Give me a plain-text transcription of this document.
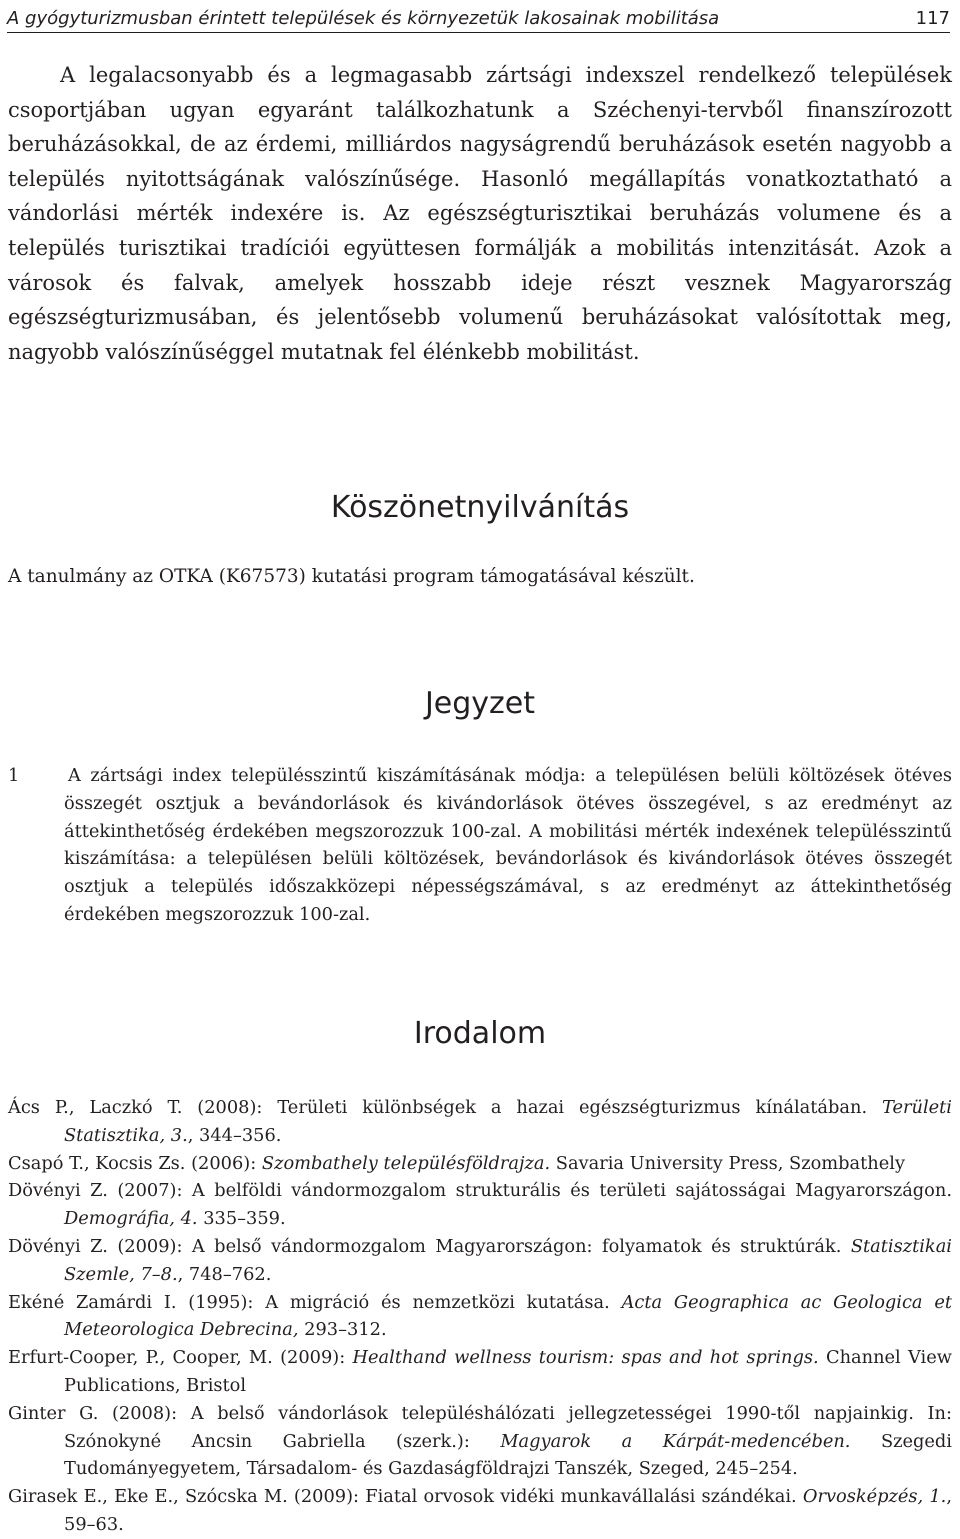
A gyógyturizmusban érintett települések és környezetük lakosainak mobilitása	117

A legalacsonyabb és a legmagasabb zártsági indexszel rendelkező települések csoportjában ugyan egyaránt találkozhatunk a Széchenyi-tervből finanszírozott beruházásokkal, de az érdemi, milliárdos nagyságrendű beruházások esetén nagyobb a település nyitottságának valószínűsége. Hasonló megállapítás vonatkoztatható a vándorlási mérték indexére is. Az egészségturisztikai beruházás volumene és a település turisztikai tradíciói együttesen formálják a mobilitás intenzitását. Azok a városok és falvak, amelyek hosszabb ideje részt vesznek Magyarország egészségturizmusában, és jelentősebb volumenű beruházásokat valósítottak meg, nagyobb valószínűséggel mutatnak fel élénkebb mobilitást.

Köszönetnyilvánítás
A tanulmány az OTKA (K67573) kutatási program támogatásával készült.
Jegyzet
1	A zártsági index településszintű kiszámításának módja: a településen belüli költözések ötéves összegét osztjuk a bevándorlások és kivándorlások ötéves összegével, s az eredményt az áttekinthetőség érdekében megszorozzuk 100-zal. A mobilitási mérték indexének településszintű kiszámítása: a településen belüli költözések, bevándorlások és kivándorlások ötéves összegét osztjuk a település időszakközepi népességszámával, s az eredményt az áttekinthetőség érdekében megszorozzuk 100-zal.

Irodalom

Ács P., Laczkó T. (2008): Területi különbségek a hazai egészségturizmus kínálatában. Területi Statisztika, 3., 344–356.

Csapó T., Kocsis Zs. (2006): Szombathely településföldrajza. Savaria University Press, Szombathely

Dövényi Z. (2007): A belföldi vándormozgalom strukturális és területi sajátosságai Magyarországon. Demográfia, 4. 335–359.

Dövényi Z. (2009): A belső vándormozgalom Magyarországon: folyamatok és struktúrák. Statisztikai Szemle, 7–8., 748–762.

Ekéné Zamárdi I. (1995): A migráció és nemzetközi kutatása. Acta Geographica ac Geologica et Meteorologica Debrecina, 293–312.

Erfurt-Cooper, P., Cooper, M. (2009): Healthand wellness tourism: spas and hot springs. Channel View Publications, Bristol

Ginter G. (2008): A belső vándorlások településhálózati jellegzetességei 1990-től napjainkig. In: Szónokyné Ancsin Gabriella (szerk.): Magyarok a Kárpát-medencében. Szegedi Tudományegyetem, Társadalom- és Gazdaságföldrajzi Tanszék, Szeged, 245–254.

Girasek E., Eke E., Szócska M. (2009): Fiatal orvosok vidéki munkavállalási szándékai. Orvosképzés, 1., 59–63.
